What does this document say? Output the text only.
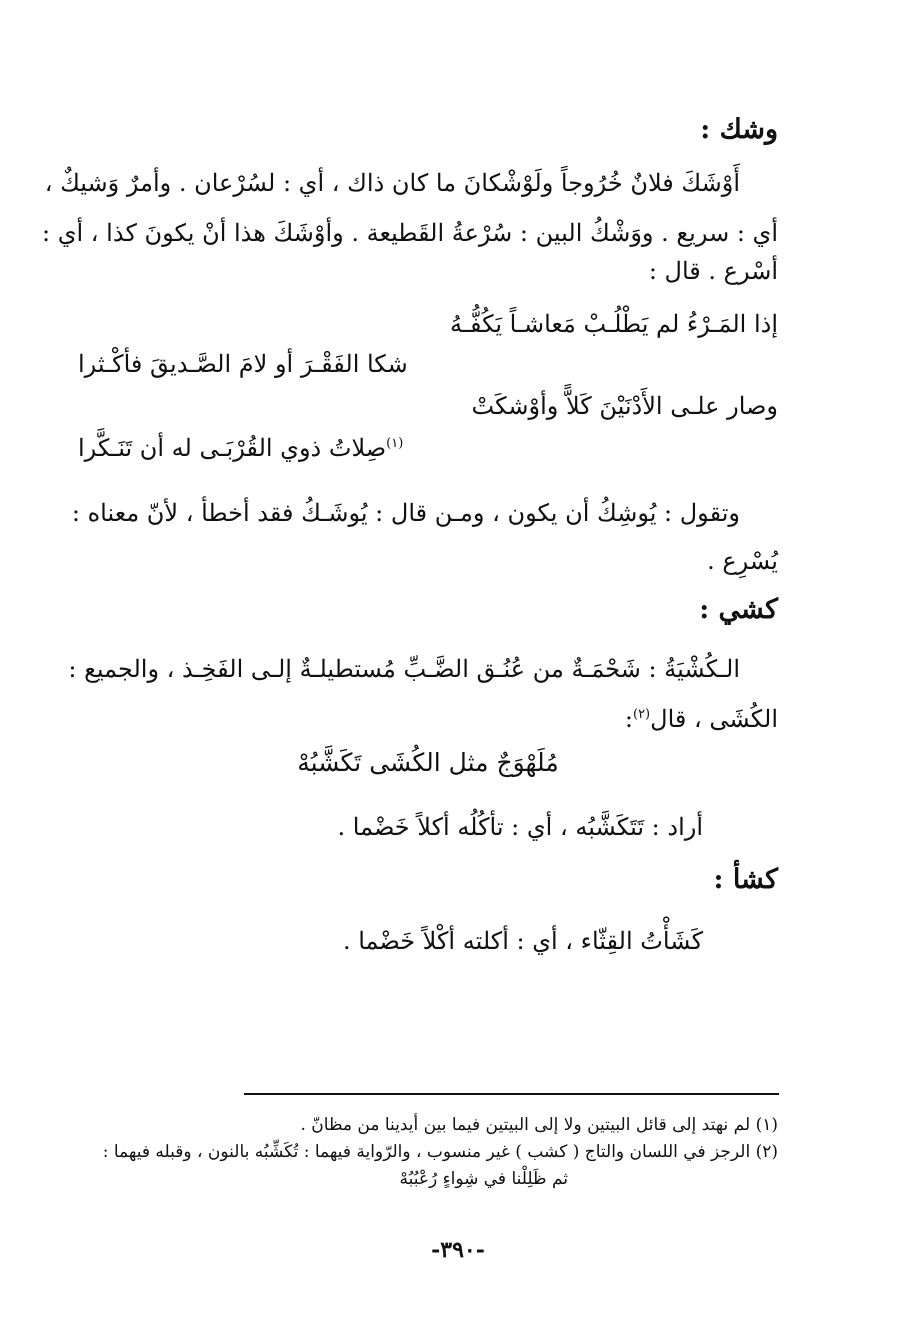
وشك :
أَوْشَكَ فلانٌ خُرُوجاً ولَوْشْكانَ ما كان ذاك ، أي : لسُرْعان . وأمرٌ وَشيكٌ ،
أي : سريع . ووَشْكُ البين : سُرْعةُ القَطيعة . وأوْشَكَ هذا أنْ يكونَ كذا ، أي :
أسْرع . قال :
إذا المَـرْءُ لم يَطْلُـبْ مَعاشـاً يَكُفُّـهُ
شكا الفَقْـرَ أو لامَ الصَّـديقَ فأكْـثرا
وصار علـى الأَدْنَيْنَ كَلاًّ وأوْشكَتْ
$^{(١)}$صِلاتُ ذوي القُرْبَـى له أن تَنَـكَّرا
وتقول : يُوشِكُ أن يكون ، ومـن قال : يُوشَـكُ فقد أخطأ ، لأنّ معناه :
يُسْرِع .
كشي :
الـكُشْيَةُ : شَحْمَـةٌ من عُنُـق الضَّـبِّ مُستطيلـةٌ إلـى الفَخِـذ ، والجميع :
الكُشَى ، قال$^{(٢)}$:
مُلَهْوَجٌ مثل الكُشَى تَكَشَّبُهْ
أراد : تَتَكَشَّبُه ، أي : تأكُلُه أكلاً خَضْما .
كشأ :
كَشَأْتُ القِثّاء ، أي : أكلته أكْلاً خَضْما .
(١) لم نهتد إلى قائل البيتين ولا إلى البيتين فيما بين أيدينا من مظانّ .
(٢) الرجز في اللسان والتاج ( كشب ) غير منسوب ، والرّواية فيهما : تُكَشِّبُه بالنون ، وقبله فيهما :
ثم ظَلِلْنا في شِواءٍ رُعْبُبُهْ
-٣٩٠-
